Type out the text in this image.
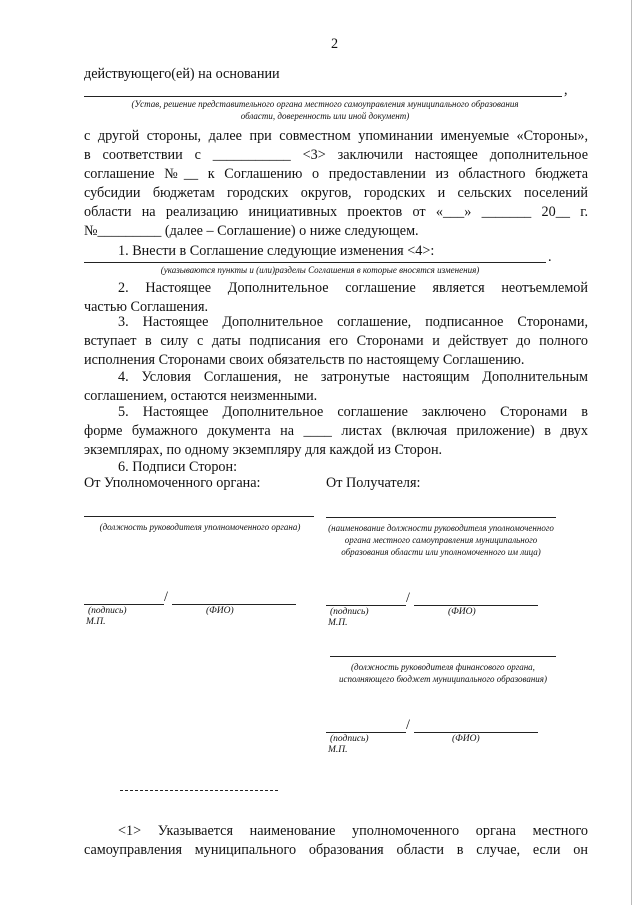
2
действующего(ей) на основании
,
(Устав, решение представительного органа местного самоуправления муниципального образования области, доверенность или иной документ)
с другой стороны, далее при совместном упоминании именуемые «Стороны»,
в соответствии с ___________ <3> заключили настоящее дополнительное
соглашение №__ к Соглашению о предоставлении из областного бюджета
субсидии бюджетам городских округов, городских и сельских поселений
области на реализацию инициативных проектов от «___» _______ 20__ г.
№_________ (далее – Соглашение) о ниже следующем.
1. Внести в Соглашение следующие изменения <4>:	.
(указываются пункты и (или)разделы Соглашения в которые вносятся изменения)
2. Настоящее Дополнительное соглашение является неотъемлемой
частью Соглашения.
3. Настоящее Дополнительное соглашение, подписанное Сторонами,
вступает в силу с даты подписания его Сторонами и действует до полного
исполнения Сторонами своих обязательств по настоящему Соглашению.
4. Условия Соглашения, не затронутые настоящим Дополнительным
соглашением, остаются неизменными.
5. Настоящее Дополнительное соглашение заключено Сторонами в
форме бумажного документа на ____ листах (включая приложение) в двух
экземплярах, по одному экземпляру для каждой из Сторон.
6. Подписи Сторон:
От Уполномоченного органа:
(должность руководителя уполномоченного органа)
/
(подпись)	(ФИО)
М.П.
От Получателя:
(наименование должности руководителя уполномоченного органа местного самоуправления муниципального образования области или уполномоченного им лица)
/
(подпись)	(ФИО)
М.П.
(должность руководителя финансового органа, исполняющего бюджет муниципального образования)
/
(подпись)	(ФИО)
М.П.
<1> Указывается наименование уполномоченного органа местного
самоуправления муниципального образования области в случае, если он
